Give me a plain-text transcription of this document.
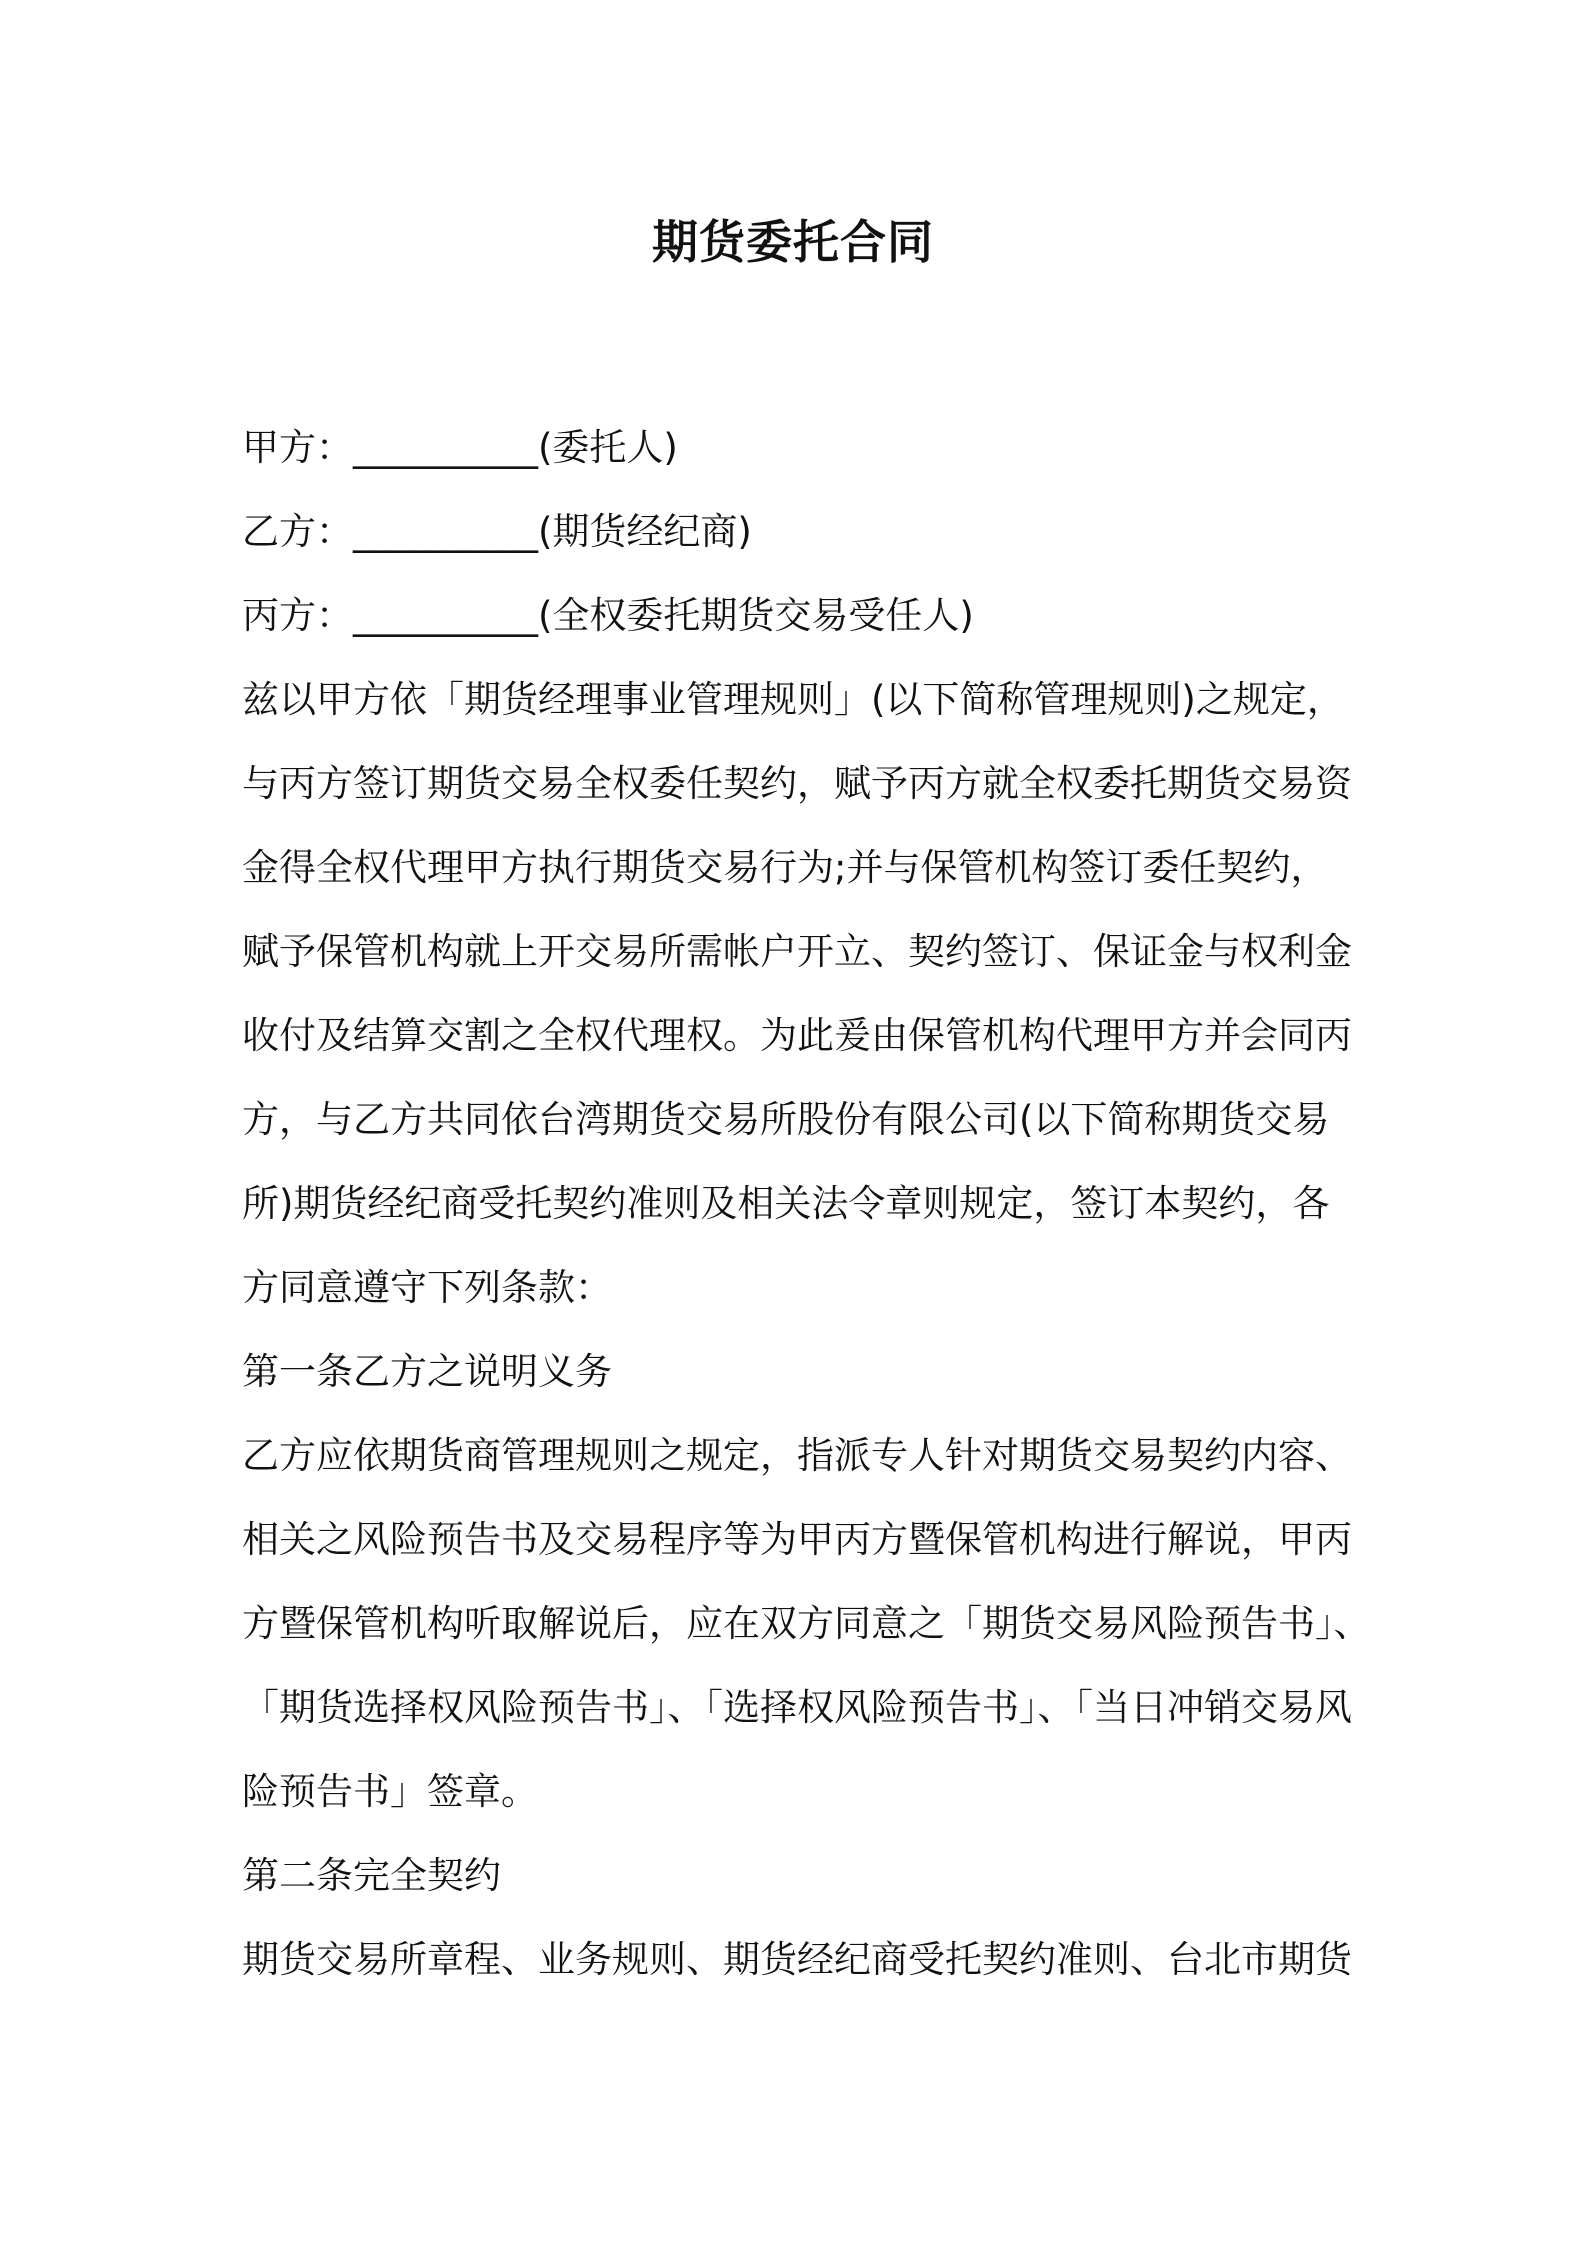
期货委托合同
甲方：__________(委托人)
乙方：__________(期货经纪商)
丙方：__________(全权委托期货交易受任人)
兹以甲方依「期货经理事业管理规则」(以下简称管理规则)之规定，
与丙方签订期货交易全权委任契约，赋予丙方就全权委托期货交易资
金得全权代理甲方执行期货交易行为;并与保管机构签订委任契约，
赋予保管机构就上开交易所需帐户开立、契约签订、保证金与权利金
收付及结算交割之全权代理权。为此爰由保管机构代理甲方并会同丙
方，与乙方共同依台湾期货交易所股份有限公司(以下简称期货交易
所)期货经纪商受托契约准则及相关法令章则规定，签订本契约，各
方同意遵守下列条款：
第一条乙方之说明义务
乙方应依期货商管理规则之规定，指派专人针对期货交易契约内容、
相关之风险预告书及交易程序等为甲丙方暨保管机构进行解说，甲丙
方暨保管机构听取解说后，应在双方同意之「期货交易风险预告书」、
「期货选择权风险预告书」、「选择权风险预告书」、「当日冲销交易风
险预告书」签章。
第二条完全契约
期货交易所章程、业务规则、期货经纪商受托契约准则、台北市期货
